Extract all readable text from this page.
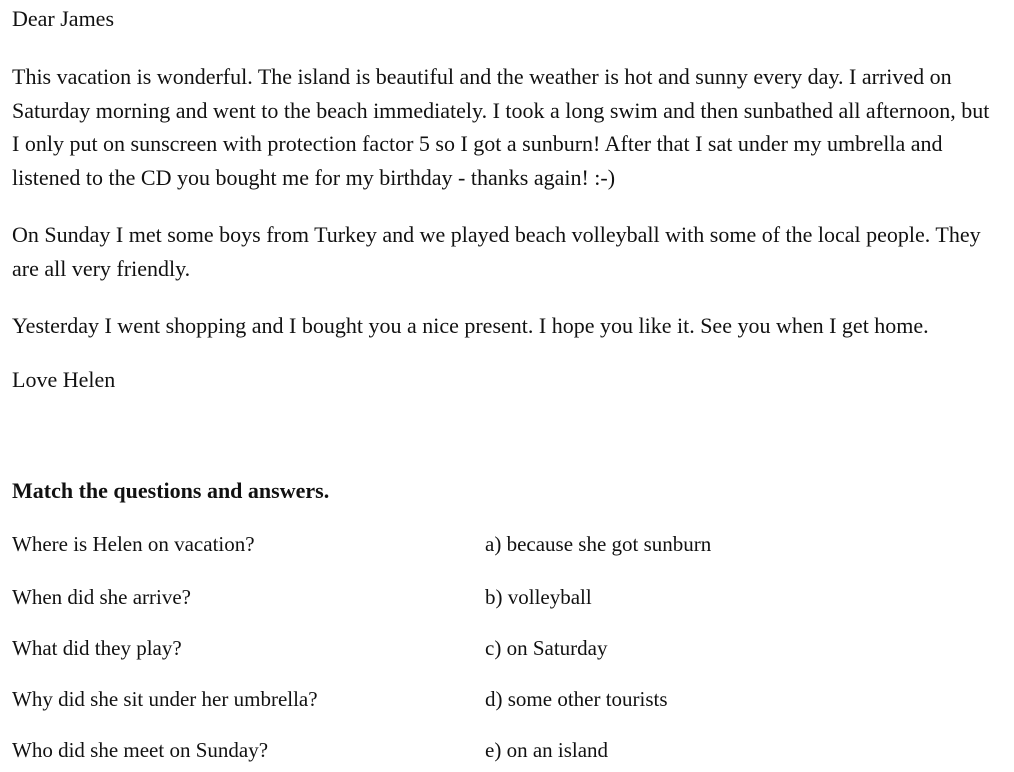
Dear James

This vacation is wonderful. The island is beautiful and the weather is hot and sunny every day. I arrived on Saturday morning and went to the beach immediately. I took a long swim and then sunbathed all afternoon, but I only put on sunscreen with protection factor 5 so I got a sunburn! After that I sat under my umbrella and listened to the CD you bought me for my birthday - thanks again! :-)

On Sunday I met some boys from Turkey and we played beach volleyball with some of the local people. They are all very friendly.

Yesterday I went shopping and I bought you a nice present. I hope you like it. See you when I get home.

Love Helen

Match the questions and answers.

Where is Helen on vacation?	a) because she got sunburn
When did she arrive?	b) volleyball
What did they play?	c) on Saturday
Why did she sit under her umbrella?	d) some other tourists
Who did she meet on Sunday?	e) on an island
